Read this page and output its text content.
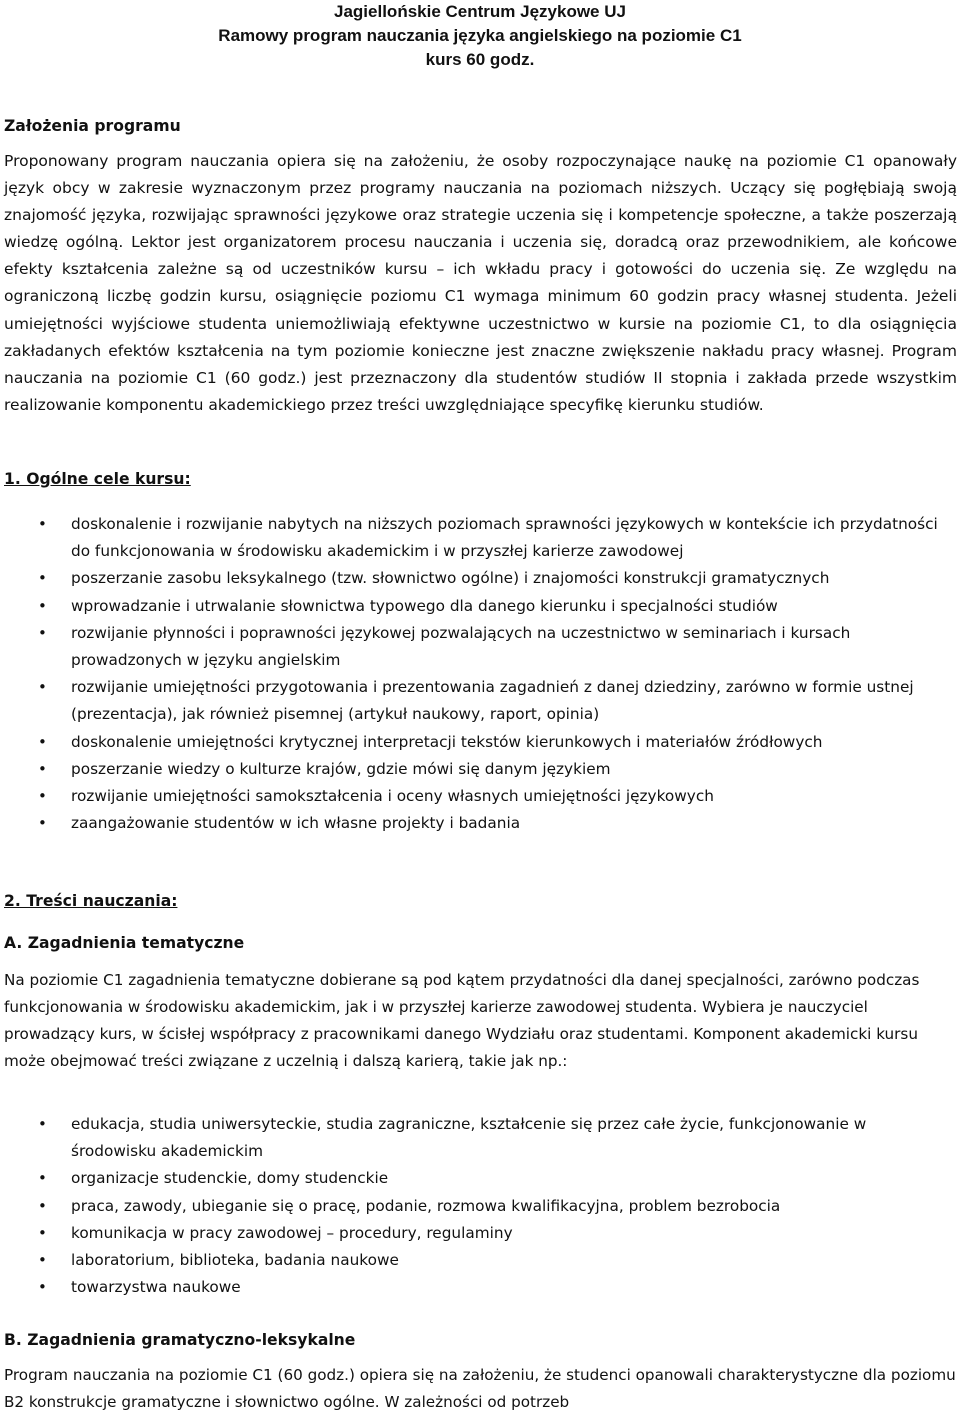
Jagiellońskie Centrum Językowe UJ
Ramowy program nauczania języka angielskiego na poziomie C1
kurs 60 godz.
Założenia programu

Proponowany program nauczania opiera się na założeniu, że osoby rozpoczynające naukę na poziomie C1 opanowały język obcy w zakresie wyznaczonym przez programy nauczania na poziomach niższych. Uczący się pogłębiają swoją znajomość języka, rozwijając sprawności językowe oraz strategie uczenia się i kompetencje społeczne, a także poszerzają wiedzę ogólną. Lektor jest organizatorem procesu nauczania i uczenia się, doradcą oraz przewodnikiem, ale końcowe efekty kształcenia zależne są od uczestników kursu – ich wkładu pracy i gotowości do uczenia się. Ze względu na ograniczoną liczbę godzin kursu, osiągnięcie poziomu C1 wymaga minimum 60 godzin pracy własnej studenta. Jeżeli umiejętności wyjściowe studenta uniemożliwiają efektywne uczestnictwo w kursie na poziomie C1, to dla osiągnięcia zakładanych efektów kształcenia na tym poziomie konieczne jest znaczne zwiększenie nakładu pracy własnej. Program nauczania na poziomie C1 (60 godz.) jest przeznaczony dla studentów studiów II stopnia i zakłada przede wszystkim realizowanie komponentu akademickiego przez treści uwzględniające specyfikę kierunku studiów.

1. Ogólne cele kursu:
• doskonalenie i rozwijanie nabytych na niższych poziomach sprawności językowych w kontekście ich przydatności do funkcjonowania w środowisku akademickim i w przyszłej karierze zawodowej
• poszerzanie zasobu leksykalnego (tzw. słownictwo ogólne) i znajomości konstrukcji gramatycznych
• wprowadzanie i utrwalanie słownictwa typowego dla danego kierunku i specjalności studiów
• rozwijanie płynności i poprawności językowej pozwalających na uczestnictwo w seminariach i kursach prowadzonych w języku angielskim
• rozwijanie umiejętności przygotowania i prezentowania zagadnień z danej dziedziny, zarówno w formie ustnej (prezentacja), jak również pisemnej (artykuł naukowy, raport, opinia)
• doskonalenie umiejętności krytycznej interpretacji tekstów kierunkowych i materiałów źródłowych
• poszerzanie wiedzy o kulturze krajów, gdzie mówi się danym językiem
• rozwijanie umiejętności samokształcenia i oceny własnych umiejętności językowych
• zaangażowanie studentów w ich własne projekty i badania
2. Treści nauczania:
A. Zagadnienia tematyczne

Na poziomie C1 zagadnienia tematyczne dobierane są pod kątem przydatności dla danej specjalności, zarówno podczas funkcjonowania w środowisku akademickim, jak i w przyszłej karierze zawodowej studenta. Wybiera je nauczyciel prowadzący kurs, w ścisłej współpracy z pracownikami danego Wydziału oraz studentami. Komponent akademicki kursu może obejmować treści związane z uczelnią i dalszą karierą, takie jak np.:

• edukacja, studia uniwersyteckie, studia zagraniczne, kształcenie się przez całe życie, funkcjonowanie w środowisku akademickim
• organizacje studenckie, domy studenckie
• praca, zawody, ubieganie się o pracę, podanie, rozmowa kwalifikacyjna, problem bezrobocia
• komunikacja w pracy zawodowej – procedury, regulaminy
• laboratorium, biblioteka, badania naukowe
• towarzystwa naukowe
B. Zagadnienia gramatyczno-leksykalne

Program nauczania na poziomie C1 (60 godz.) opiera się na założeniu, że studenci opanowali charakterystyczne dla poziomu B2 konstrukcje gramatyczne i słownictwo ogólne. W zależności od potrzeb
